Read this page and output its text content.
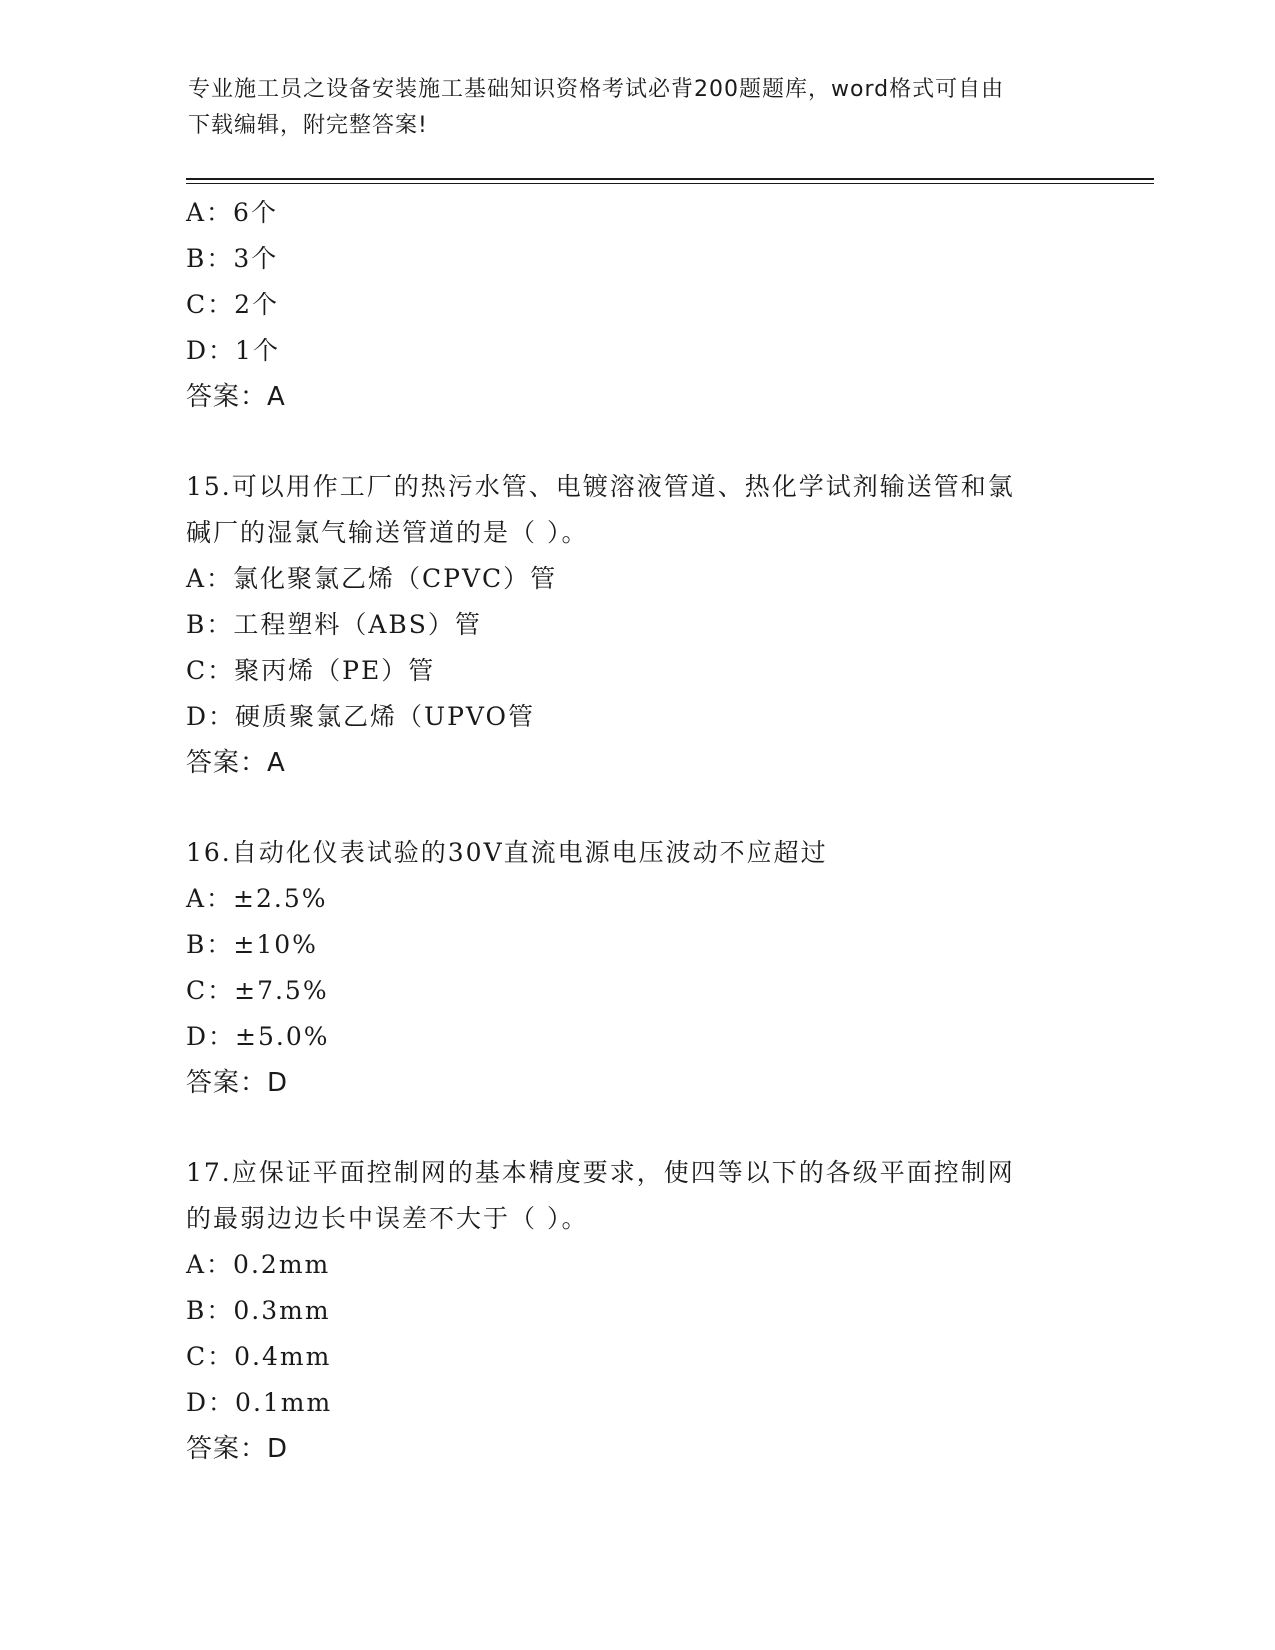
专业施工员之设备安装施工基础知识资格考试必背200题题库，word格式可自由
下载编辑，附完整答案!
A：6个
B：3个
C：2个
D：1个
答案：A
15.可以用作工厂的热污水管、电镀溶液管道、热化学试剂输送管和氯
碱厂的湿氯气输送管道的是（ ）。
A：氯化聚氯乙烯（CPVC）管
B：工程塑料（ABS）管
C：聚丙烯（PE）管
D：硬质聚氯乙烯（UPVO管
答案：A
16.自动化仪表试验的30V直流电源电压波动不应超过
A：±2.5%
B：±10%
C：±7.5%
D：±5.0%
答案：D
17.应保证平面控制网的基本精度要求，使四等以下的各级平面控制网
的最弱边边长中误差不大于（ ）。
A：0.2mm
B：0.3mm
C：0.4mm
D：0.1mm
答案：D
